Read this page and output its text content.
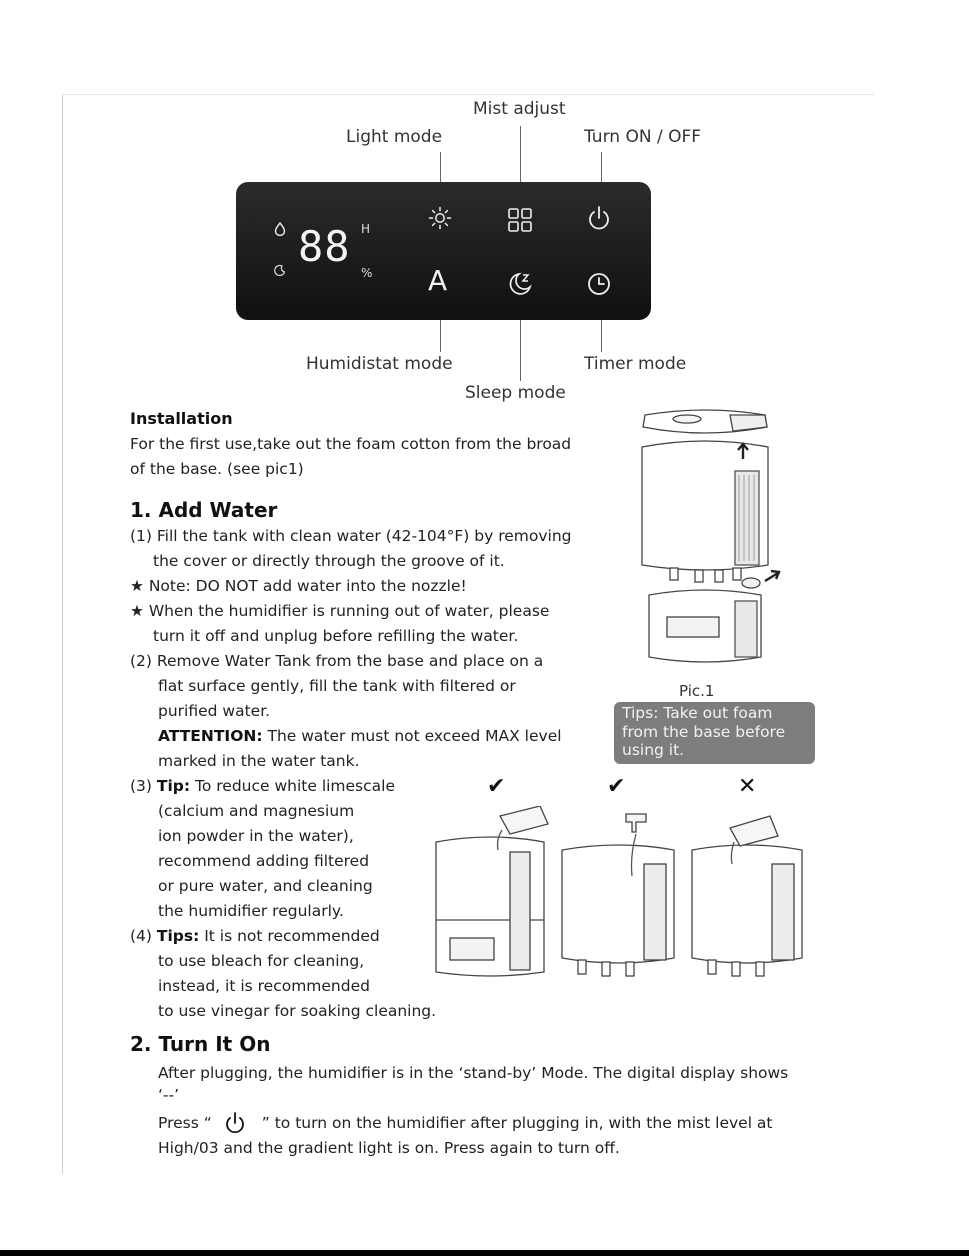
Mist adjust
Light mode	Turn ON / OFF
Humidistat mode
Sleep mode
Timer mode
88 H
% A
Installation
For the first use,take out the foam cotton from the broad
of the base. (see pic1)
1. Add Water
(1) Fill the tank with clean water (42-104°F) by removing
the cover or directly through the groove of it.
★ Note: DO NOT add water into the nozzle!
★ When the humidifier is running out of water, please
turn it off and unplug before refilling the water.
(2) Remove Water Tank from the base and place on a
flat surface gently, fill the tank with filtered or
purified water.
ATTENTION: The water must not exceed MAX level
marked in the water tank.
(3) Tip: To reduce white limescale
(calcium and magnesium
ion powder in the water),
recommend adding filtered
or pure water, and cleaning
the humidifier regularly.
(4) Tips: It is not recommended
to use bleach for cleaning,
instead, it is recommended
to use vinegar for soaking cleaning.
Pic.1
Tips: Take out foam from the base before using it.
✔	✔	✕
2. Turn It On
After plugging, the humidifier is in the ‘stand-by’ Mode. The digital display shows
‘--’
Press “	” to turn on the humidifier after plugging in, with the mist level at
High/03 and the gradient light is on. Press again to turn off.
